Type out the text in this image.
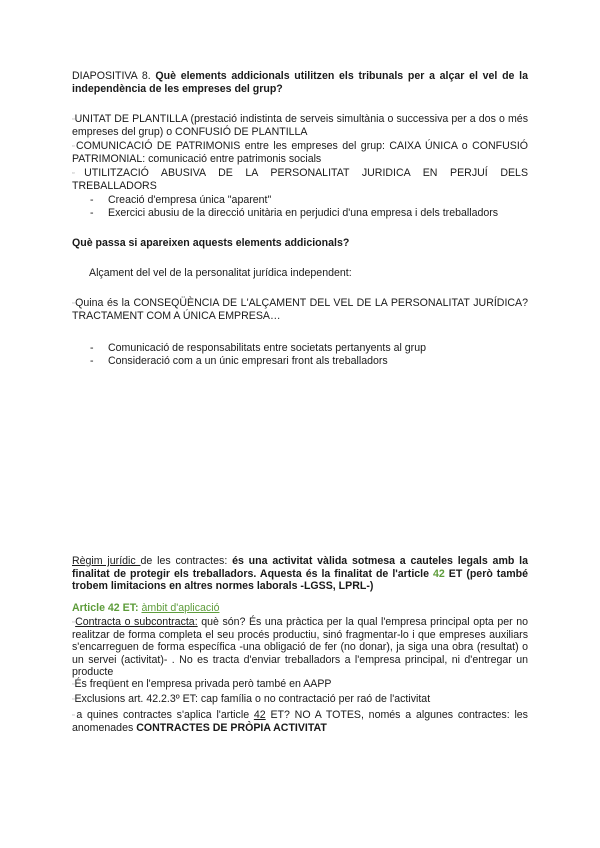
DIAPOSITIVA 8. Què elements addicionals utilitzen els tribunals per a alçar el vel de la independència de les empreses del grup?

▫UNITAT DE PLANTILLA (prestació indistinta de serveis simultània o successiva per a dos o més empreses del grup) o CONFUSIÓ DE PLANTILLA

▫COMUNICACIÓ DE PATRIMONIS entre les empreses del grup: CAIXA ÚNICA o CONFUSIÓ PATRIMONIAL: comunicació entre patrimonis socials

▫UTILITZACIÓ ABUSIVA DE LA PERSONALITAT JURIDICA EN PERJUÍ DELS TREBALLADORS

- Creació d'empresa única "aparent"
- Exercici abusiu de la direcció unitària en perjudici d'una empresa i dels treballadors

Què passa si apareixen aquests elements addicionals?

Alçament del vel de la personalitat jurídica independent:

▫Quina és la CONSEQÜÈNCIA DE L'ALÇAMENT DEL VEL DE LA PERSONALITAT JURÍDICA? TRACTAMENT COM A ÚNICA EMPRESA…

- Comunicació de responsabilitats entre societats pertanyents al grup
- Consideració com a un únic empresari front als treballadors

Règim jurídic de les contractes: és una activitat vàlida sotmesa a cauteles legals amb la finalitat de protegir els treballadors. Aquesta és la finalitat de l'article 42 ET (però també trobem limitacions en altres normes laborals -LGSS, LPRL-)

Article 42 ET: àmbit d'aplicació

▫Contracta o subcontracta: què són? És una pràctica per la qual l'empresa principal opta per no realitzar de forma completa el seu procés productiu, sinó fragmentar-lo i que empreses auxiliars s'encarreguen de forma específica -una obligació de fer (no donar), ja siga una obra (resultat) o un servei (activitat)- . No es tracta d'enviar treballadors a l'empresa principal, ni d'entregar un producte

▫És freqüent en l'empresa privada però també en AAPP

▫Exclusions art. 42.2.3º ET: cap família o no contractació per raó de l'activitat

▫a quines contractes s'aplica l'article 42 ET? NO A TOTES, només a algunes contractes: les anomenades CONTRACTES DE PRÒPIA ACTIVITAT
